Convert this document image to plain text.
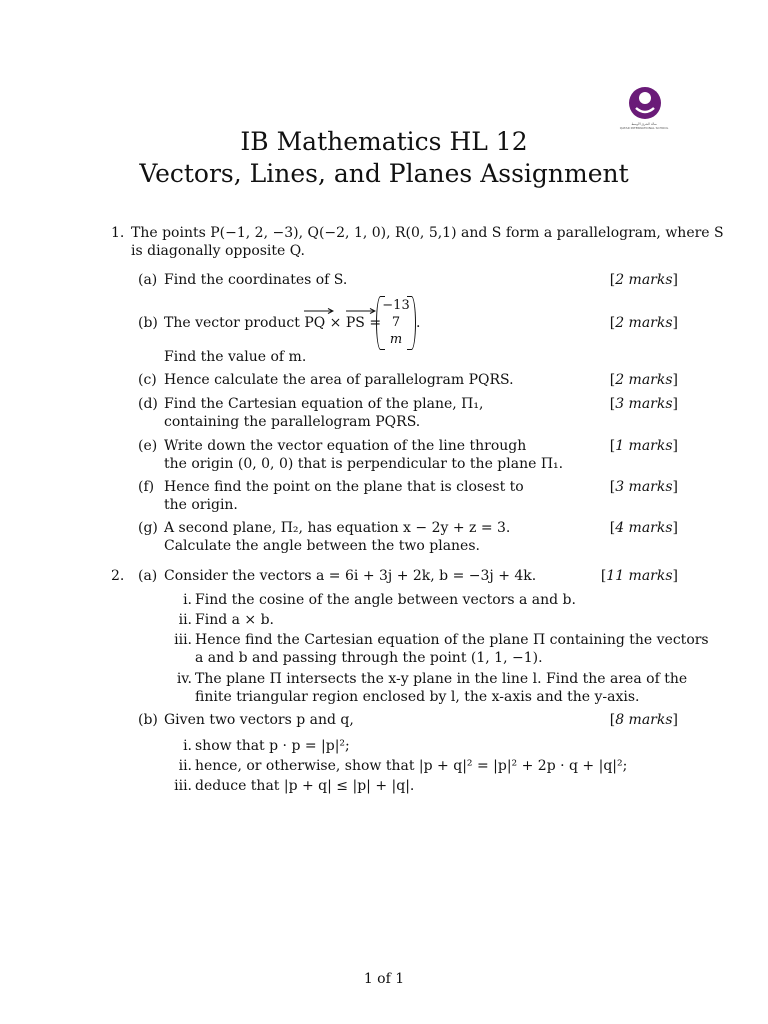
سالة الشرق الأوسط
QATAR INTERNATIONAL SCHOOL
IB Mathematics HL 12
Vectors, Lines, and Planes Assignment
1. The points P(−1, 2, −3), Q(−2, 1, 0), R(0, 5,1) and S form a parallelogram, where S
is diagonally opposite Q.
(a) Find the coordinates of S.	[2 marks]
(b) The vector product PQ × PS =
−13
7
m
.	[2 marks]
Find the value of m.
(c) Hence calculate the area of parallelogram PQRS.	[2 marks]
(d) Find the Cartesian equation of the plane, Π₁,
containing the parallelogram PQRS.
[3 marks]
(e) Write down the vector equation of the line through
the origin (0, 0, 0) that is perpendicular to the plane Π₁.
[1 marks]
(f) Hence find the point on the plane that is closest to
the origin.
[3 marks]
(g) A second plane, Π₂, has equation x − 2y + z = 3.
Calculate the angle between the two planes.
[4 marks]
2. (a) Consider the vectors a = 6i + 3j + 2k, b = −3j + 4k.	[11 marks]
i. Find the cosine of the angle between vectors a and b.
ii. Find a × b.
iii. Hence find the Cartesian equation of the plane Π containing the vectors
a and b and passing through the point (1, 1, −1).
iv. The plane Π intersects the x-y plane in the line l. Find the area of the
finite triangular region enclosed by l, the x-axis and the y-axis.
(b) Given two vectors p and q,	[8 marks]
i. show that p · p = |p|²;
ii. hence, or otherwise, show that |p + q|² = |p|² + 2p · q + |q|²;
iii. deduce that |p + q| ≤ |p| + |q|.
1 of 1
